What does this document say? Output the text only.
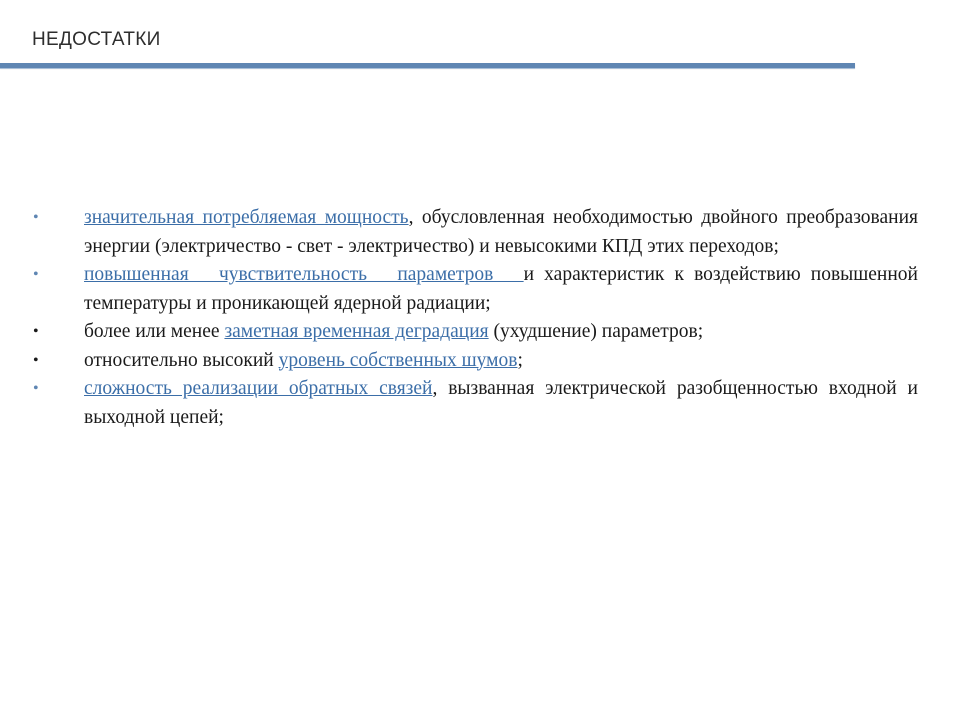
НЕДОСТАТКИ
• значительная потребляемая мощность, обусловленная необходимостью двойного преобразования энергии (электричество - свет - электричество) и невысокими КПД этих переходов;
• повышенная   чувствительность   параметров   и характеристик к воздействию повышенной температуры и проникающей ядерной радиации;
• более или менее заметная временная деградация (ухудшение) параметров;
• относительно высокий уровень собственных шумов;
• сложность реализации обратных связей, вызванная электрической разобщенностью входной и выходной цепей;
